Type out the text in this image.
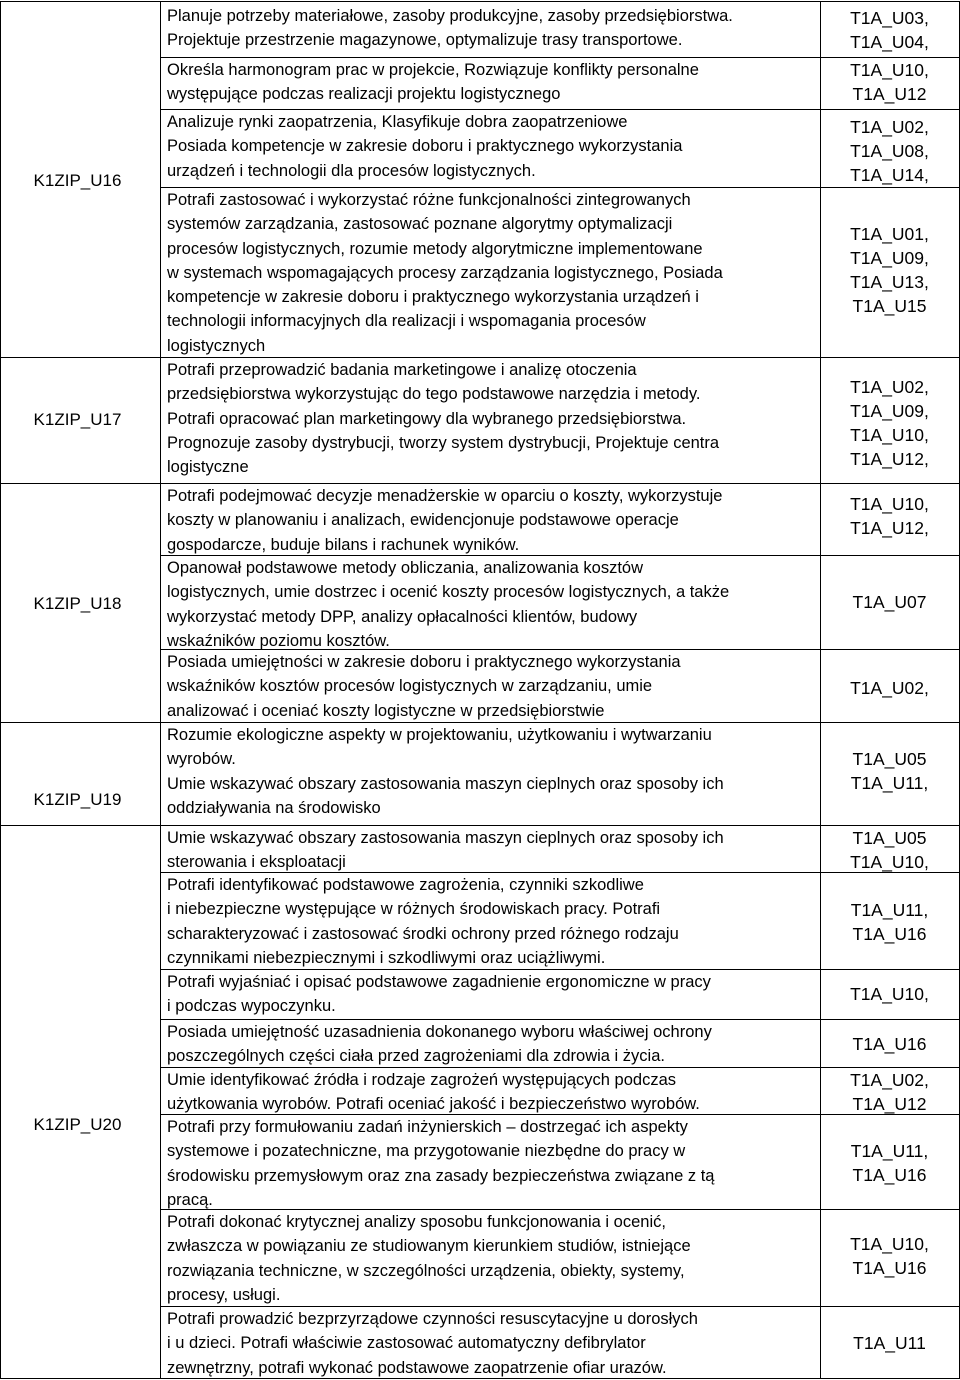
K1ZIP_U16
K1ZIP_U17
K1ZIP_U18
K1ZIP_U19
K1ZIP_U20
Planuje potrzeby materiałowe, zasoby produkcyjne, zasoby przedsiębiorstwa.
Projektuje przestrzenie magazynowe, optymalizuje trasy transportowe.
Określa harmonogram prac w projekcie, Rozwiązuje konflikty personalne
występujące podczas realizacji projektu logistycznego
Analizuje rynki zaopatrzenia, Klasyfikuje dobra zaopatrzeniowe
Posiada kompetencje w zakresie doboru i praktycznego wykorzystania
urządzeń i technologii dla procesów logistycznych.
Potrafi zastosować i wykorzystać różne funkcjonalności zintegrowanych
systemów zarządzania, zastosować poznane algorytmy optymalizacji
procesów logistycznych, rozumie metody algorytmiczne implementowane
w systemach wspomagających procesy zarządzania logistycznego, Posiada
kompetencje w zakresie doboru i praktycznego wykorzystania urządzeń i
technologii informacyjnych dla realizacji i wspomagania procesów
logistycznych
Potrafi przeprowadzić badania marketingowe i analizę otoczenia
przedsiębiorstwa wykorzystując do tego podstawowe narzędzia i metody.
Potrafi opracować plan marketingowy dla wybranego przedsiębiorstwa.
Prognozuje zasoby dystrybucji, tworzy system dystrybucji, Projektuje centra
logistyczne
Potrafi podejmować decyzje menadżerskie w oparciu o koszty, wykorzystuje
koszty w planowaniu i analizach, ewidencjonuje podstawowe operacje
gospodarcze, buduje bilans i rachunek wyników.
Opanował podstawowe metody obliczania, analizowania kosztów
logistycznych, umie dostrzec i ocenić koszty procesów logistycznych, a także
wykorzystać metody DPP, analizy opłacalności klientów, budowy
wskaźników poziomu kosztów.
Posiada umiejętności w zakresie doboru i praktycznego wykorzystania
wskaźników kosztów procesów logistycznych w zarządzaniu, umie
analizować i oceniać koszty logistyczne w przedsiębiorstwie
Rozumie ekologiczne aspekty w projektowaniu, użytkowaniu i wytwarzaniu
wyrobów.
Umie wskazywać obszary zastosowania maszyn cieplnych oraz sposoby ich
oddziaływania na środowisko
Umie wskazywać obszary zastosowania maszyn cieplnych oraz sposoby ich
sterowania i eksploatacji
Potrafi identyfikować podstawowe zagrożenia, czynniki szkodliwe
i niebezpieczne występujące w różnych środowiskach pracy. Potrafi
scharakteryzować i zastosować środki ochrony przed różnego rodzaju
czynnikami niebezpiecznymi i szkodliwymi oraz uciążliwymi.
Potrafi wyjaśniać i opisać podstawowe zagadnienie ergonomiczne w pracy
i podczas wypoczynku.
Posiada umiejętność uzasadnienia dokonanego wyboru właściwej ochrony
poszczególnych części ciała przed zagrożeniami dla zdrowia i życia.
Umie identyfikować źródła i rodzaje zagrożeń występujących podczas
użytkowania wyrobów. Potrafi oceniać jakość i bezpieczeństwo wyrobów.
Potrafi przy formułowaniu zadań inżynierskich – dostrzegać ich aspekty
systemowe i pozatechniczne, ma przygotowanie niezbędne do pracy w
środowisku przemysłowym oraz zna zasady bezpieczeństwa związane z tą
pracą.
Potrafi dokonać krytycznej analizy sposobu funkcjonowania i ocenić,
zwłaszcza w powiązaniu ze studiowanym kierunkiem studiów, istniejące
rozwiązania techniczne, w szczególności urządzenia, obiekty, systemy,
procesy, usługi.
Potrafi prowadzić bezprzyrządowe czynności resuscytacyjne u dorosłych
i u dzieci. Potrafi właściwie zastosować automatyczny defibrylator
zewnętrzny, potrafi wykonać podstawowe zaopatrzenie ofiar urazów.
T1A_U03,
T1A_U04,
T1A_U10,
T1A_U12
T1A_U02,
T1A_U08,
T1A_U14,
T1A_U01,
T1A_U09,
T1A_U13,
T1A_U15
T1A_U02,
T1A_U09,
T1A_U10,
T1A_U12,
T1A_U10,
T1A_U12,
T1A_U07
T1A_U02,
T1A_U05
T1A_U11,
T1A_U05
T1A_U10,
T1A_U11,
T1A_U16
T1A_U10,
T1A_U16
T1A_U02,
T1A_U12
T1A_U11,
T1A_U16
T1A_U10,
T1A_U16
T1A_U11
